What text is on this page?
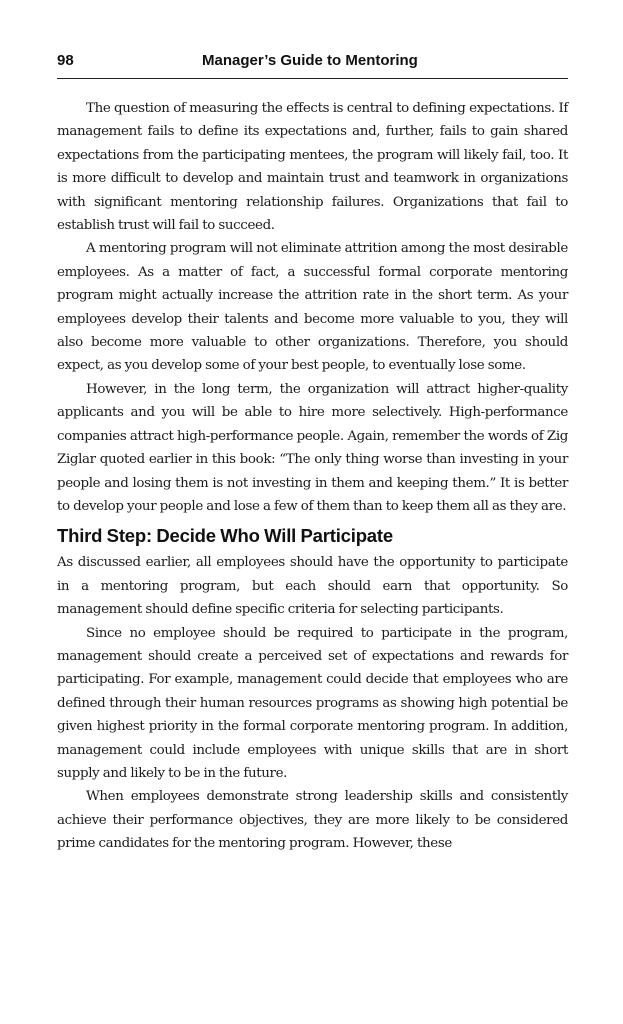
98	Manager’s Guide to Mentoring

The question of measuring the effects is central to defining expectations. If management fails to define its expectations and, further, fails to gain shared expectations from the participating mentees, the program will likely fail, too. It is more difficult to develop and maintain trust and teamwork in organizations with significant mentoring relationship failures. Organizations that fail to establish trust will fail to succeed.

A mentoring program will not eliminate attrition among the most desirable employees. As a matter of fact, a successful formal corporate mentoring program might actually increase the attrition rate in the short term. As your employees develop their talents and become more valuable to you, they will also become more valuable to other organizations. Therefore, you should expect, as you develop some of your best people, to eventually lose some.

However, in the long term, the organization will attract higher-quality applicants and you will be able to hire more selectively. High-performance companies attract high-performance people. Again, remember the words of Zig Ziglar quoted earlier in this book: “The only thing worse than investing in your people and losing them is not investing in them and keeping them.” It is better to develop your people and lose a few of them than to keep them all as they are.

Third Step: Decide Who Will Participate

As discussed earlier, all employees should have the opportunity to participate in a mentoring program, but each should earn that opportunity. So management should define specific criteria for selecting participants.

Since no employee should be required to participate in the program, management should create a perceived set of expectations and rewards for participating. For example, management could decide that employees who are defined through their human resources programs as showing high potential be given highest priority in the formal corporate mentoring program. In addition, management could include employees with unique skills that are in short supply and likely to be in the future.

When employees demonstrate strong leadership skills and consistently achieve their performance objectives, they are more likely to be considered prime candidates for the mentoring program. However, these
